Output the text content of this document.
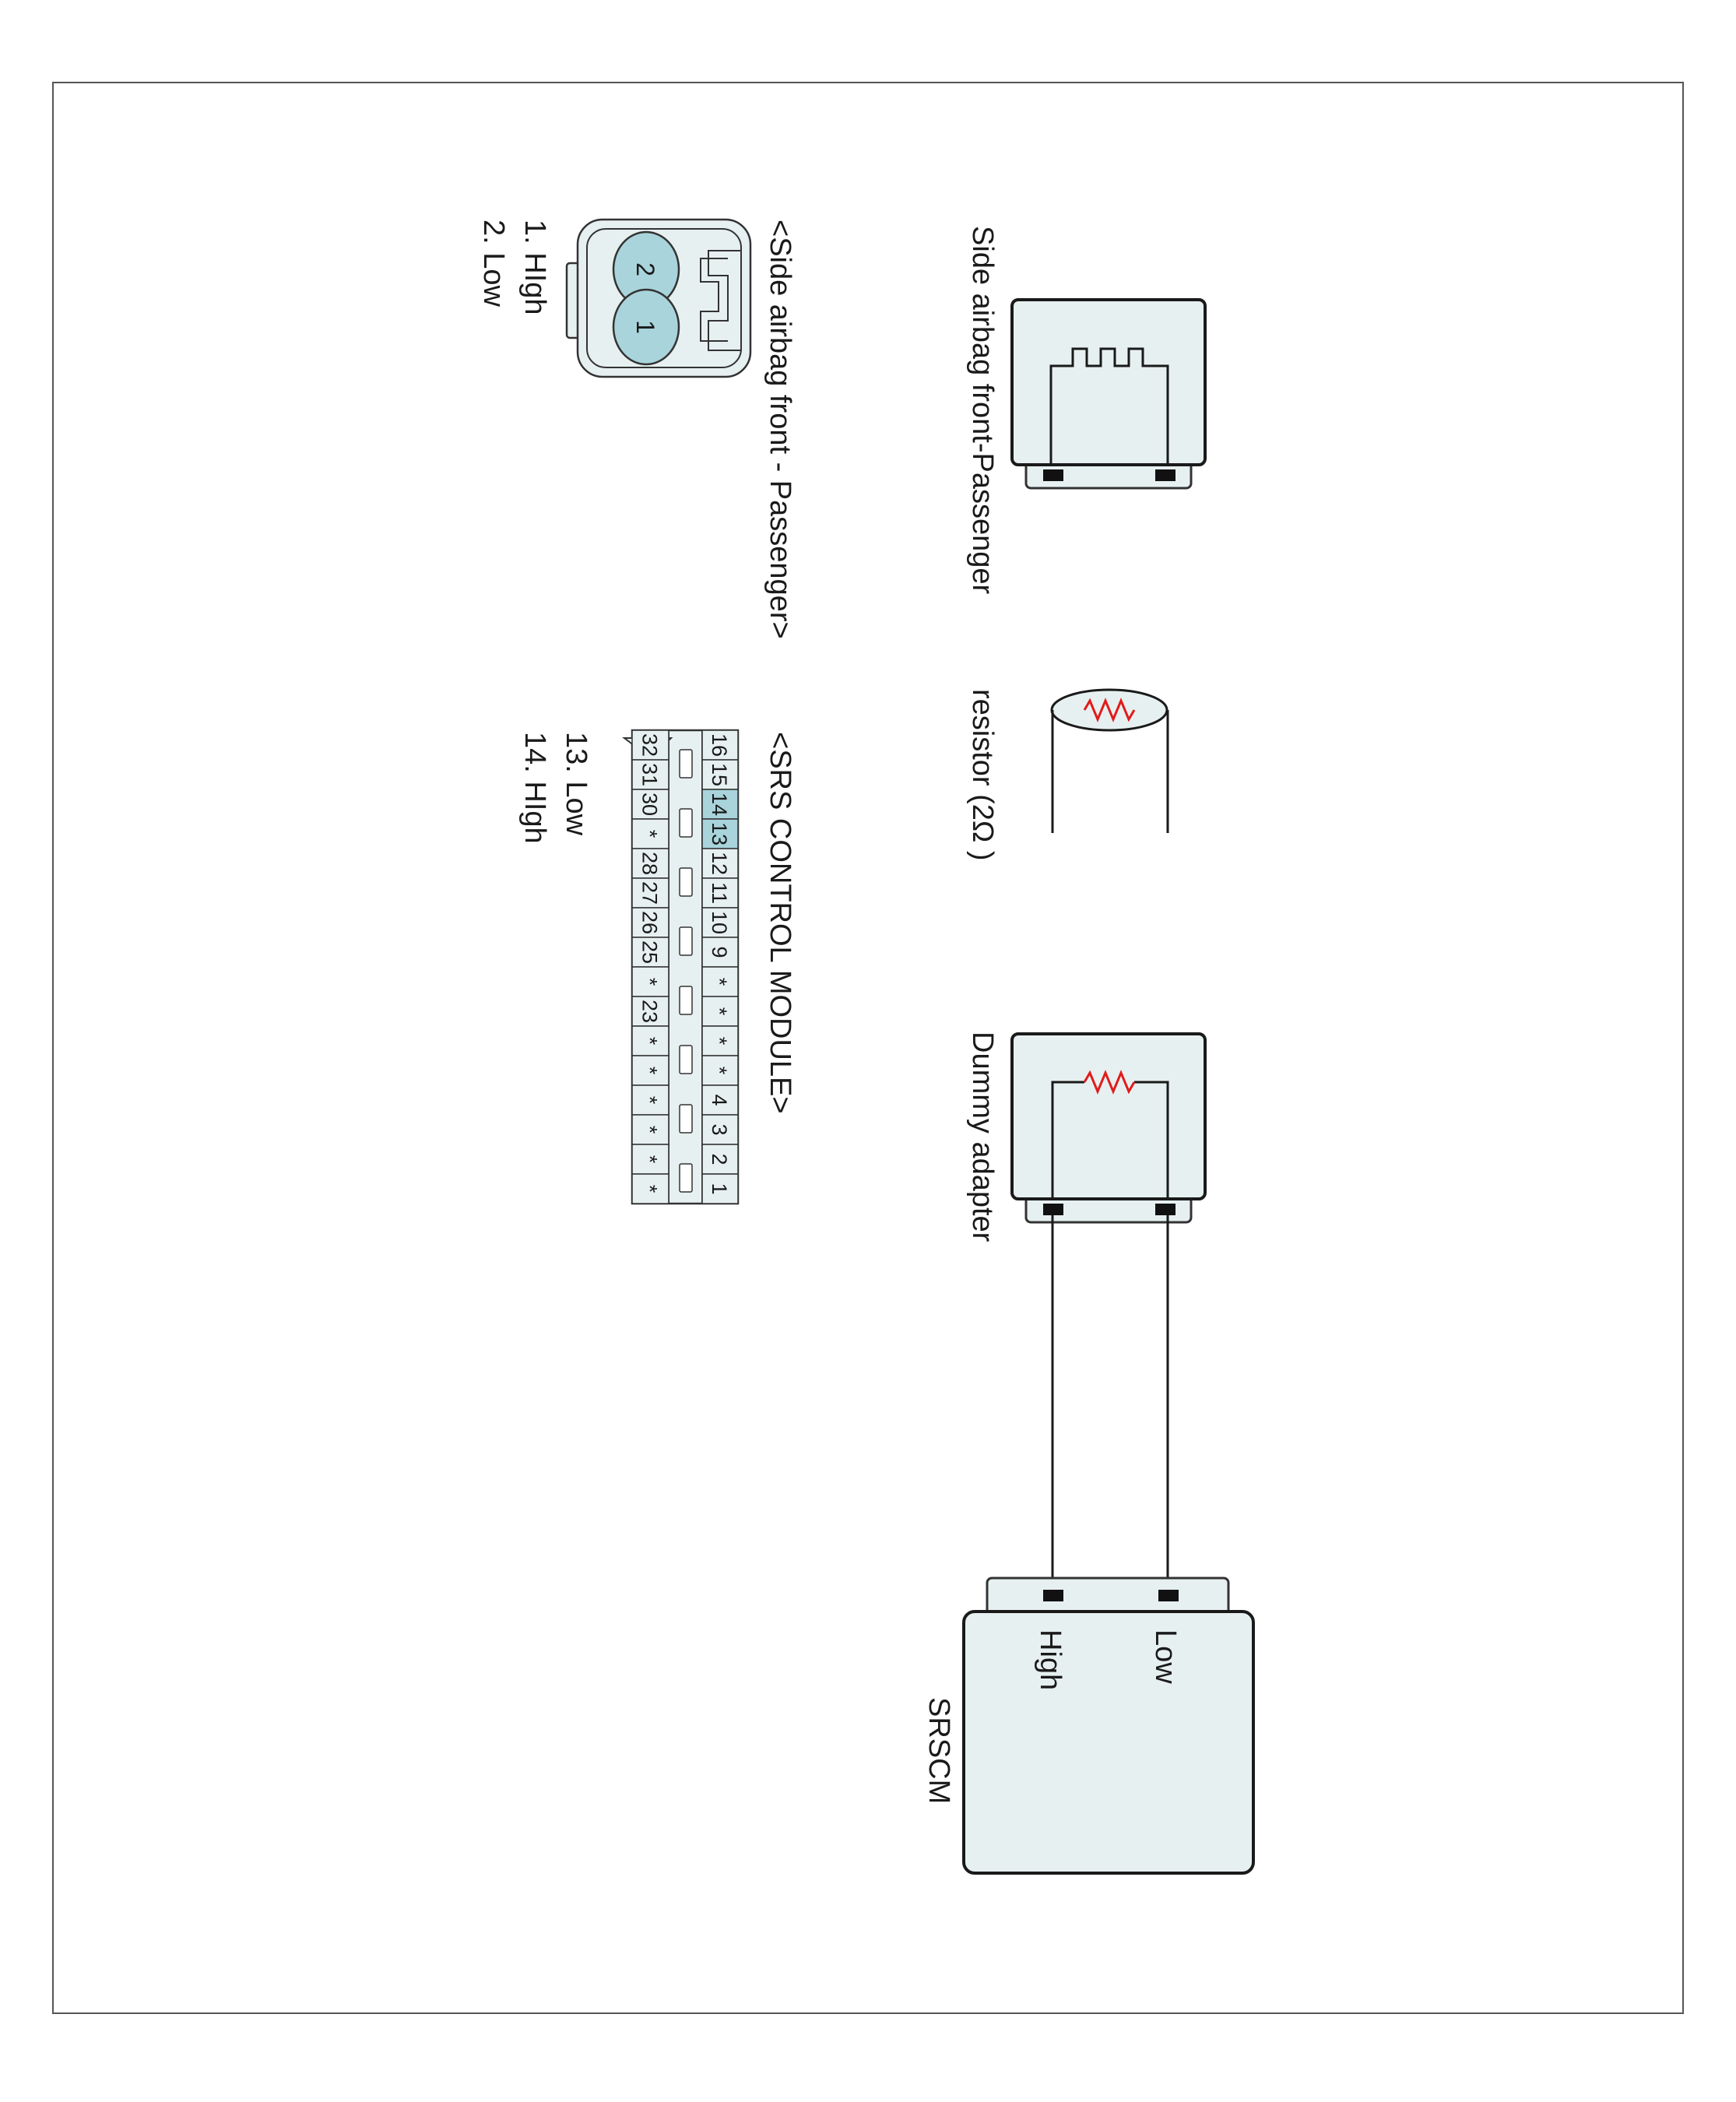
Side airbag front-Passenger
resistor (2Ω )
Dummy adapter
Low
High
SRSCM
2
1	<Side airbag front - Passenger>
1. HIgh
2. Low
16
15
14
13
12
11
10
9
*
*
*
*
4
3
2
1
32
31
30
*
28
27
26
25
*
23
*
*
*
*
*
*
<SRS CONTROL MODULE>
13. Low
14. HIgh
